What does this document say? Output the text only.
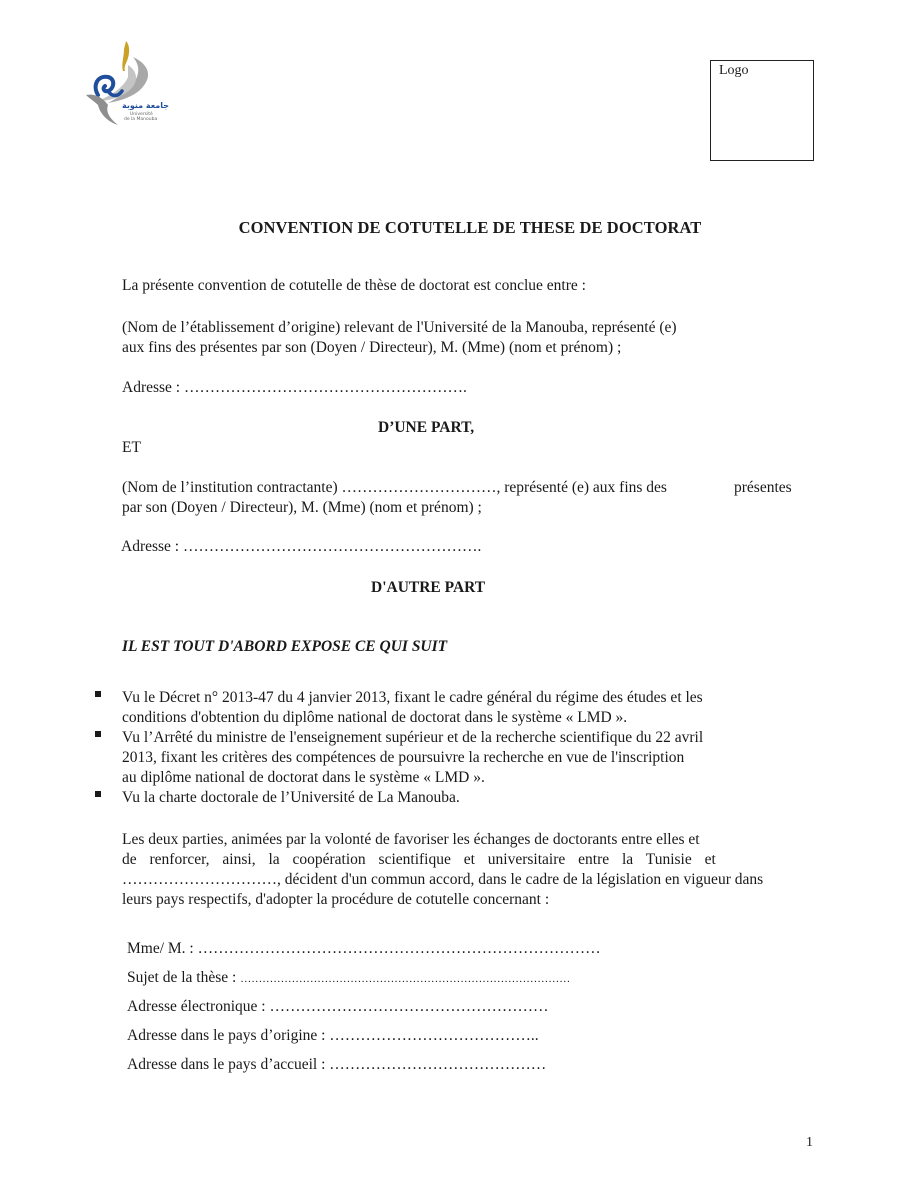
جامعة منوبة
Université
de la Manouba
Logo
CONVENTION DE COTUTELLE DE THESE DE DOCTORAT
La présente convention de cotutelle de thèse de doctorat est conclue entre :
(Nom de l’établissement d’origine) relevant de l'Université de la Manouba, représenté (e)
aux fins des présentes par son (Doyen / Directeur), M. (Mme) (nom et prénom) ;
Adresse : ……………………………………………….
D’UNE PART,
ET
(Nom de l’institution contractante) …………………………, représenté (e) aux fins des	présentes
par son (Doyen / Directeur), M. (Mme) (nom et prénom) ;
Adresse : ………………………………………………….
D'AUTRE PART
IL EST TOUT D'ABORD EXPOSE CE QUI SUIT
Vu le Décret n° 2013-47 du 4 janvier 2013, fixant le cadre général du régime des études et les
conditions d'obtention du diplôme national de doctorat dans le système « LMD ».
Vu l’Arrêté du ministre de l'enseignement supérieur et de la recherche scientifique du 22 avril
2013, fixant les critères des compétences de poursuivre la recherche en vue de l'inscription
au diplôme national de doctorat dans le système « LMD ».
Vu la charte doctorale de l’Université de La Manouba.
Les deux parties, animées par la volonté de favoriser les échanges de doctorants entre elles et
de renforcer, ainsi, la coopération scientifique et universitaire entre la Tunisie et
…………………………, décident d'un commun accord, dans le cadre de la législation en vigueur dans
leurs pays respectifs, d'adopter la procédure de cotutelle concernant :
Mme/ M. : ……………………………………………………………………
Sujet de la thèse : ………………………………………………………………………………
Adresse électronique : ………………………………………………
Adresse dans le pays d’origine : …………………………………..
Adresse dans le pays d’accueil : ……………………………………
1
